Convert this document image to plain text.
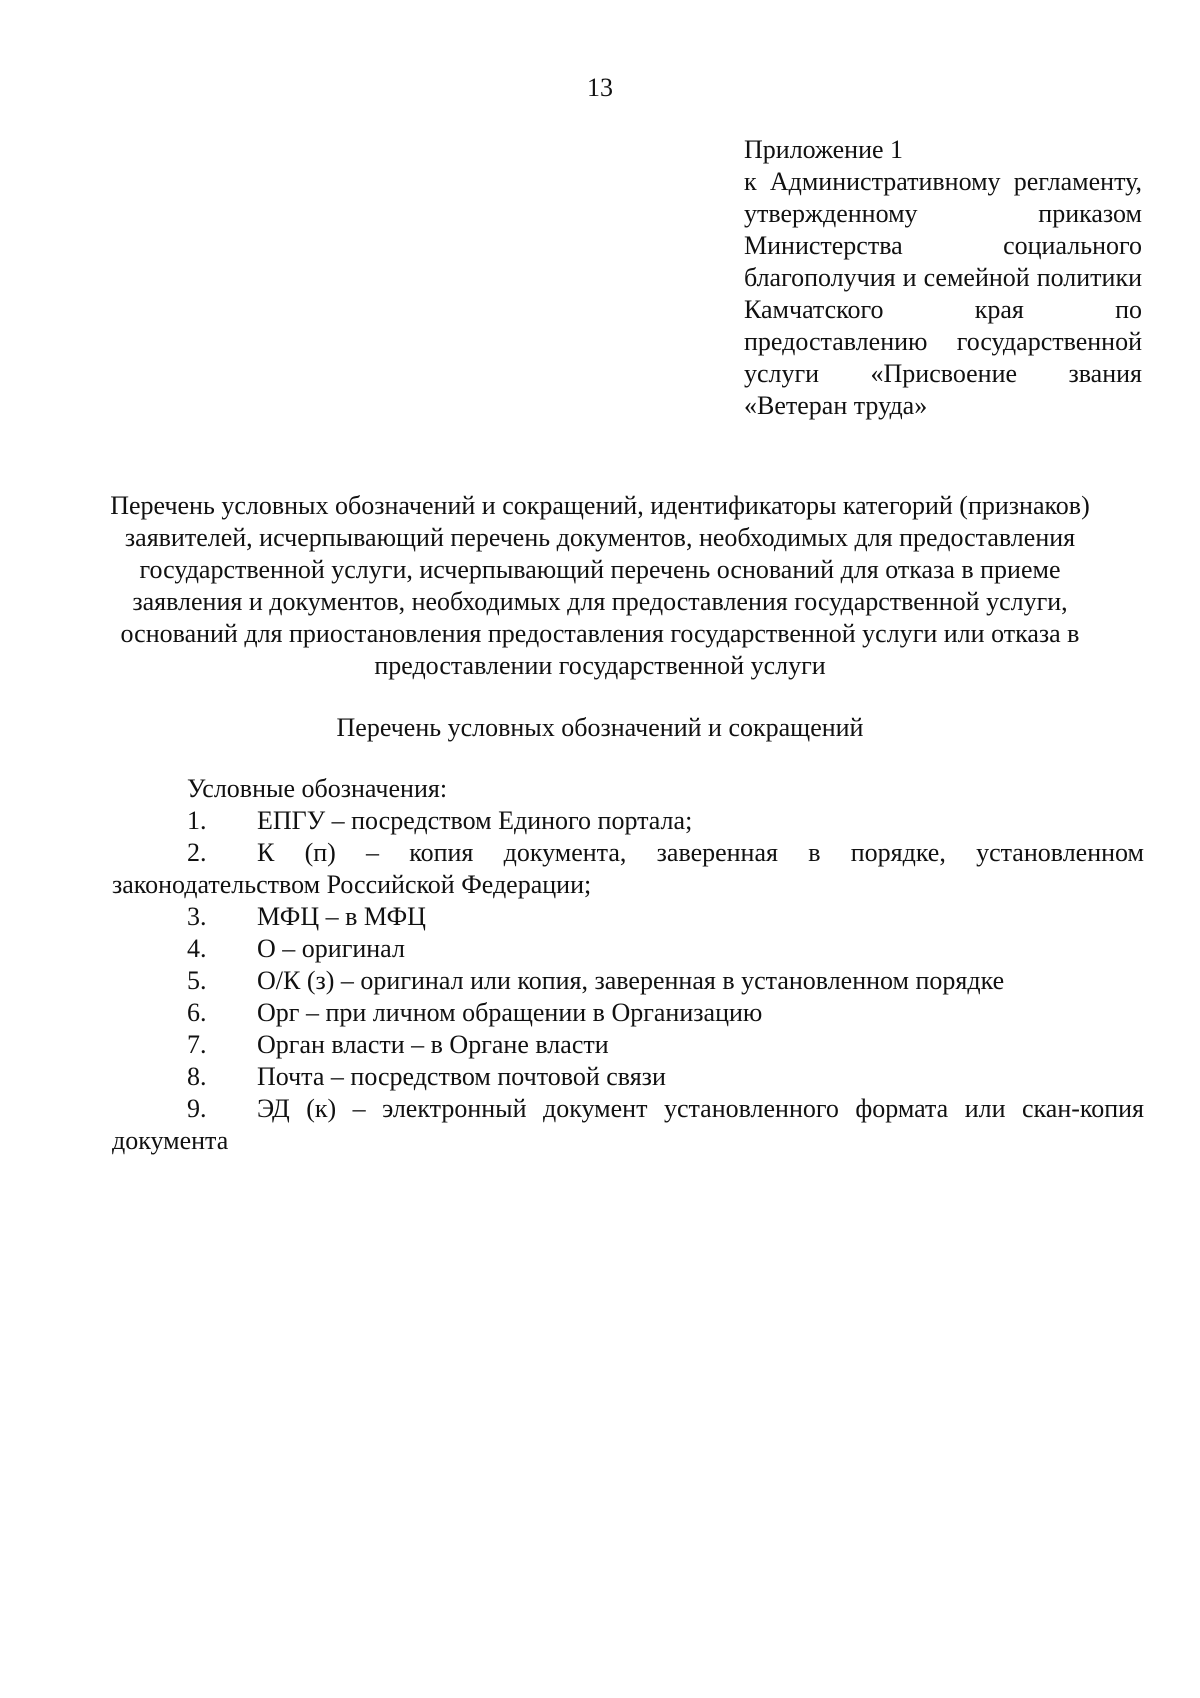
13
Приложение 1
к Административному регламенту, утвержденному приказом Министерства социального благополучия и семейной политики Камчатского края по предоставлению государственной услуги «Присвоение звания «Ветеран труда»
Перечень условных обозначений и сокращений, идентификаторы категорий (признаков) заявителей, исчерпывающий перечень документов, необходимых для предоставления государственной услуги, исчерпывающий перечень оснований для отказа в приеме заявления и документов, необходимых для предоставления государственной услуги, оснований для приостановления предоставления государственной услуги или отказа в предоставлении государственной услуги
Перечень условных обозначений и сокращений
Условные обозначения:
1. ЕПГУ – посредством Единого портала;
2. К (п) – копия документа, заверенная в порядке, установленном законодательством Российской Федерации;
3. МФЦ – в МФЦ
4. О – оригинал
5. О/К (з) – оригинал или копия, заверенная в установленном порядке
6. Орг – при личном обращении в Организацию
7. Орган власти – в Органе власти
8. Почта – посредством почтовой связи
9. ЭД (к) – электронный документ установленного формата или скан-копия документа
